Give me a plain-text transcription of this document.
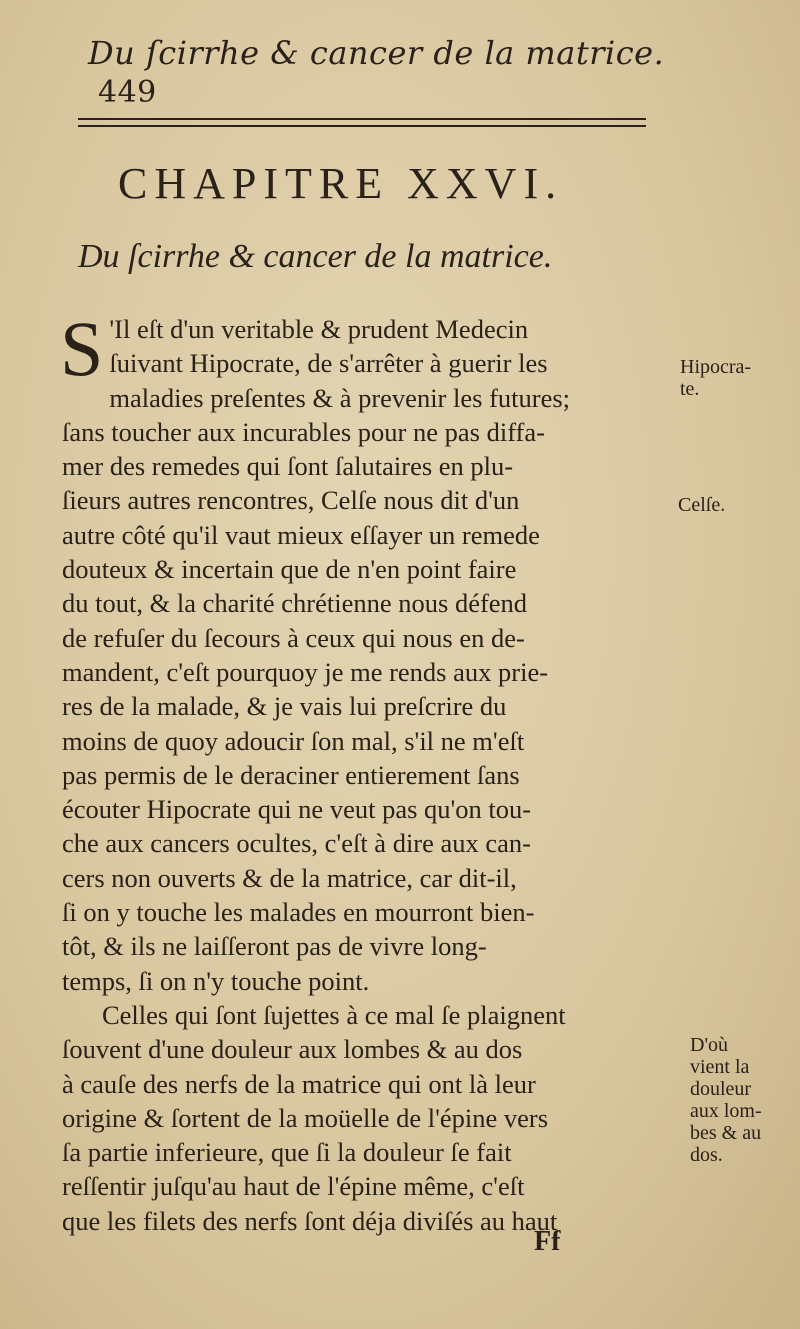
Du ſcirrhe & cancer de la matrice. 449
CHAPITRE XXVI.
Du ſcirrhe & cancer de la matrice.
S 'Il eſt d'un veritable & prudent Medecin
ſuivant Hipocrate, de s'arrêter à guerir les
maladies preſentes & à prevenir les futures;
ſans toucher aux incurables pour ne pas diffa-
mer des remedes qui ſont ſalutaires en plu-
ſieurs autres rencontres, Celſe nous dit d'un
autre côté qu'il vaut mieux eſſayer un remede
douteux & incertain que de n'en point faire
du tout, & la charité chrétienne nous défend
de refuſer du ſecours à ceux qui nous en de-
mandent, c'eſt pourquoy je me rends aux prie-
res de la malade, & je vais lui preſcrire du
moins de quoy adoucir ſon mal, s'il ne m'eſt
pas permis de le deraciner entierement ſans
écouter Hipocrate qui ne veut pas qu'on tou-
che aux cancers ocultes, c'eſt à dire aux can-
cers non ouverts & de la matrice, car dit-il,
ſi on y touche les malades en mourront bien-
tôt, & ils ne laiſſeront pas de vivre long-
temps, ſi on n'y touche point.
Celles qui ſont ſujettes à ce mal ſe plaignent
ſouvent d'une douleur aux lombes & au dos
à cauſe des nerfs de la matrice qui ont là leur
origine & ſortent de la moüelle de l'épine vers
ſa partie inferieure, que ſi la douleur ſe fait
reſſentir juſqu'au haut de l'épine même, c'eſt
que les filets des nerfs ſont déja diviſés au haut
Hipocra-
te.
Celſe.
D'où
vient la
douleur
aux lom-
bes & au
dos.
Ff
